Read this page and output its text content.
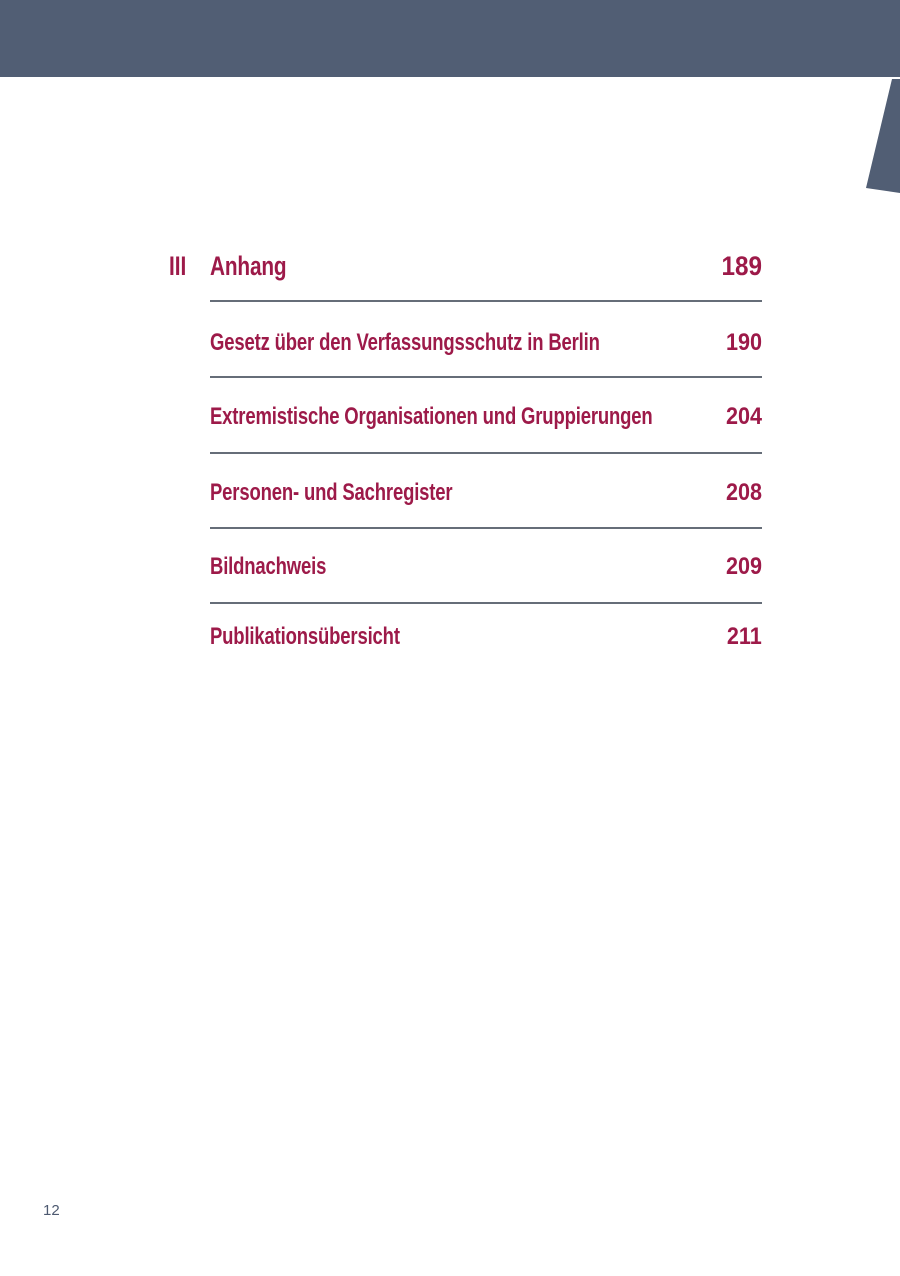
III Anhang	189
Gesetz über den Verfassungsschutz in Berlin	190
Extremistische Organisationen und Gruppierungen	204
Personen- und Sachregister	208
Bildnachweis	209
Publikationsübersicht	211
12
